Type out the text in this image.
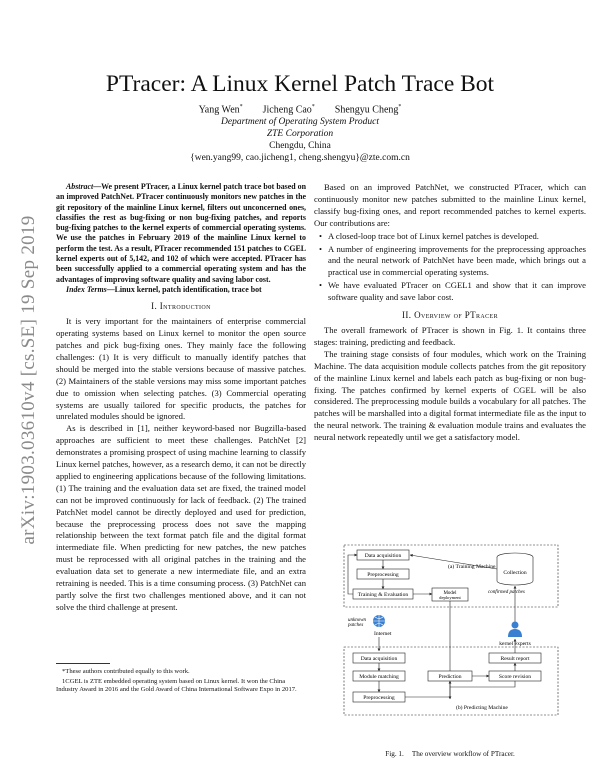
arXiv:1903.03610v4 [cs.SE] 19 Sep 2019
PTracer: A Linux Kernel Patch Trace Bot
Yang Wen* Jicheng Cao* Shengyu Cheng*
Department of Operating System Product
ZTE Corporation
Chengdu, China
{wen.yang99, cao.jicheng1, cheng.shengyu}@zte.com.cn

Abstract—We present PTracer, a Linux kernel patch trace bot based on an improved PatchNet. PTracer continuously monitors new patches in the git repository of the mainline Linux kernel, filters out unconcerned ones, classifies the rest as bug-fixing or non bug-fixing patches, and reports bug-fixing patches to the kernel experts of commercial operating systems. We use the patches in February 2019 of the mainline Linux kernel to perform the test. As a result, PTracer recommended 151 patches to CGEL kernel experts out of 5,142, and 102 of which were accepted. PTracer has been successfully applied to a commercial operating system and has the advantages of improving software quality and saving labor cost.

Index Terms—Linux kernel, patch identification, trace bot

I. Introduction

It is very important for the maintainers of enterprise commercial operating systems based on Linux kernel to monitor the open source patches and pick bug-fixing ones. They mainly face the following challenges: (1) It is very difficult to manually identify patches that should be merged into the stable versions because of massive patches. (2) Maintainers of the stable versions may miss some important patches due to omission when selecting patches. (3) Commercial operating systems are usually tailored for specific products, the patches for unrelated modules should be ignored.

As is described in [1], neither keyword-based nor Bugzilla-based approaches are sufficient to meet these challenges. PatchNet [2] demonstrates a promising prospect of using machine learning to classify Linux kernel patches, however, as a research demo, it can not be directly applied to engineering applications because of the following limitations. (1) The training and the evaluation data set are fixed, the trained model can not be improved continuously for lack of feedback. (2) The trained PatchNet model cannot be directly deployed and used for prediction, because the preprocessing process does not save the mapping relationship between the text format patch file and the digital format intermediate file. When predicting for new patches, the new patches must be reprocessed with all original patches in the training and the evaluation data set to generate a new intermediate file, and an extra retraining is needed. This is a time consuming process. (3) PatchNet can partly solve the first two challenges mentioned above, and it can not solve the third challenge at present.

*These authors contributed equally to this work.

1CGEL is ZTE embedded operating system based on Linux kernel. It won the China Industry Award in 2016 and the Gold Award of China International Software Expo in 2017.

Based on an improved PatchNet, we constructed PTracer, which can continuously monitor new patches submitted to the mainline Linux kernel, classify bug-fixing ones, and report recommended patches to kernel experts. Our contributions are:

• A closed-loop trace bot of Linux kernel patches is developed.
• A number of engineering improvements for the preprocessing approaches and the neural network of PatchNet have been made, which brings out a practical use in commercial operating systems.
• We have evaluated PTracer on CGEL1 and show that it can improve software quality and save labor cost.
II. Overview of PTracer

The overall framework of PTracer is shown in Fig. 1. It contains three stages: training, predicting and feedback.

The training stage consists of four modules, which work on the Training Machine. The data acquisition module collects patches from the git repository of the mainline Linux kernel and labels each patch as bug-fixing or non bug-fixing. The patches confirmed by kernel experts of CGEL will be also considered. The preprocessing module builds a vocabulary for all patches. The patches will be marshalled into a digital format intermediate file as the input to the neural network. The training & evaluation module trains and evaluates the neural network repeatedly until we get a satisfactory model.

Data acquisition
(a) Training Machine
Preprocessing
Training & Evaluation	Model deployment
Collection
confirmed patches
unknown patches
Internet
kernel experts
Data acquisition	Result report
Module matching	Prediction	Score revision
Preprocessing
(b) Predicting Machine
Fig. 1. The overview workflow of PTracer.
